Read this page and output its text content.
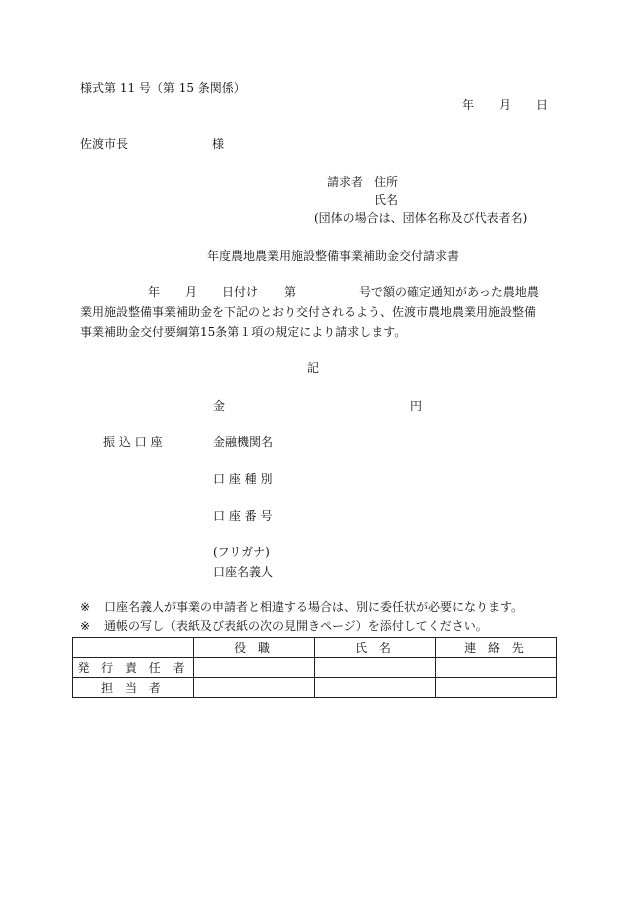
様式第 11 号（第 15 条関係）
年 月 日
佐渡市長	様
請求者 住所
氏名
(団体の場合は、団体名称及び代表者名)
年度農地農業用施設整備事業補助金交付請求書
年 月 日付け 第	号で額の確定通知があった農地農
業用施設整備事業補助金を下記のとおり交付されるよう、佐渡市農地農業用施設整備
事業補助金交付要綱第15条第１項の規定により請求します。
記
金	円
振 込 口 座	金融機関名
口 座 種 別
口 座 番 号
(フリガナ)
口座名義人
※ 口座名義人が事業の申請者と相違する場合は、別に委任状が必要になります。
※ 通帳の写し（表紙及び表紙の次の見開きページ）を添付してください。
	役 職	氏 名	連 絡 先
発 行 責 任 者			
担 当 者			
